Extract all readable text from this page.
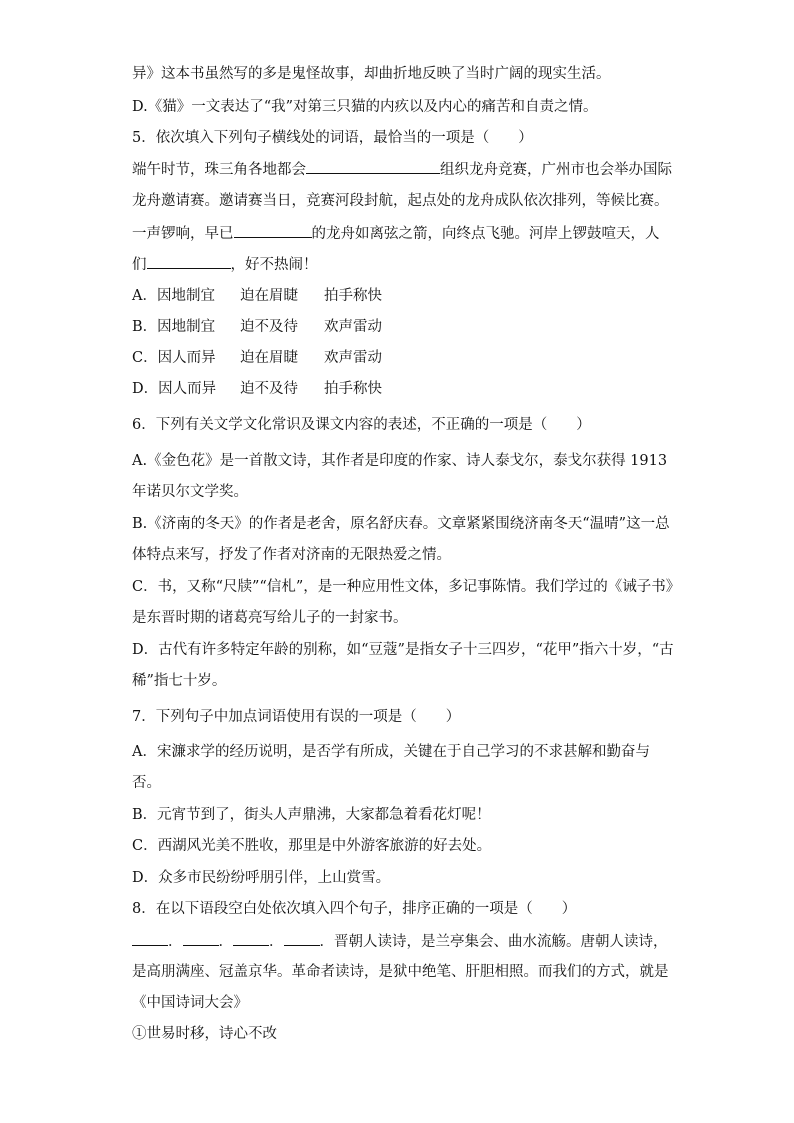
异》这本书虽然写的多是鬼怪故事，却曲折地反映了当时广阔的现实生活。
D.《猫》一文表达了“我”对第三只猫的内疚以及内心的痛苦和自责之情。
5．依次填入下列句子横线处的词语，最恰当的一项是（　　）
端午时节，珠三角各地都会	组织龙舟竞赛，广州市也会举办国际
龙舟邀请赛。邀请赛当日，竞赛河段封航，起点处的龙舟成队依次排列，等候比赛。
一声锣响，早已	的龙舟如离弦之箭，向终点飞驰。河岸上锣鼓喧天，人
们	，好不热闹！
A．因地制宜 迫在眉睫 拍手称快
B．因地制宜 迫不及待 欢声雷动
C．因人而异 迫在眉睫 欢声雷动
D．因人而异 迫不及待 拍手称快
6．下列有关文学文化常识及课文内容的表述，不正确的一项是（　　）
A.《金色花》是一首散文诗，其作者是印度的作家、诗人泰戈尔，泰戈尔获得 1913
年诺贝尔文学奖。
B.《济南的冬天》的作者是老舍，原名舒庆春。文章紧紧围绕济南冬天“温晴”这一总
体特点来写，抒发了作者对济南的无限热爱之情。
C．书，又称“尺牍”“信札”，是一种应用性文体，多记事陈情。我们学过的《诫子书》
是东晋时期的诸葛亮写给儿子的一封家书。
D．古代有许多特定年龄的别称，如“豆蔻”是指女子十三四岁，“花甲”指六十岁，“古
稀”指七十岁。
7．下列句子中加点词语使用有误的一项是（　　）
A．宋濂求学的经历说明，是否学有所成，关键在于自己学习的不求甚解和勤奋与
否。
B．元宵节到了，街头人声鼎沸，大家都急着看花灯呢！
C．西湖风光美不胜收，那里是中外游客旅游的好去处。
D．众多市民纷纷呼朋引伴，上山赏雪。
8．在以下语段空白处依次填入四个句子，排序正确的一项是（　　）
． ． ． ．晋朝人读诗，是兰亭集会、曲水流觞。唐朝人读诗，
是高朋满座、冠盖京华。革命者读诗，是狱中绝笔、肝胆相照。而我们的方式，就是
《中国诗词大会》
①世易时移，诗心不改
